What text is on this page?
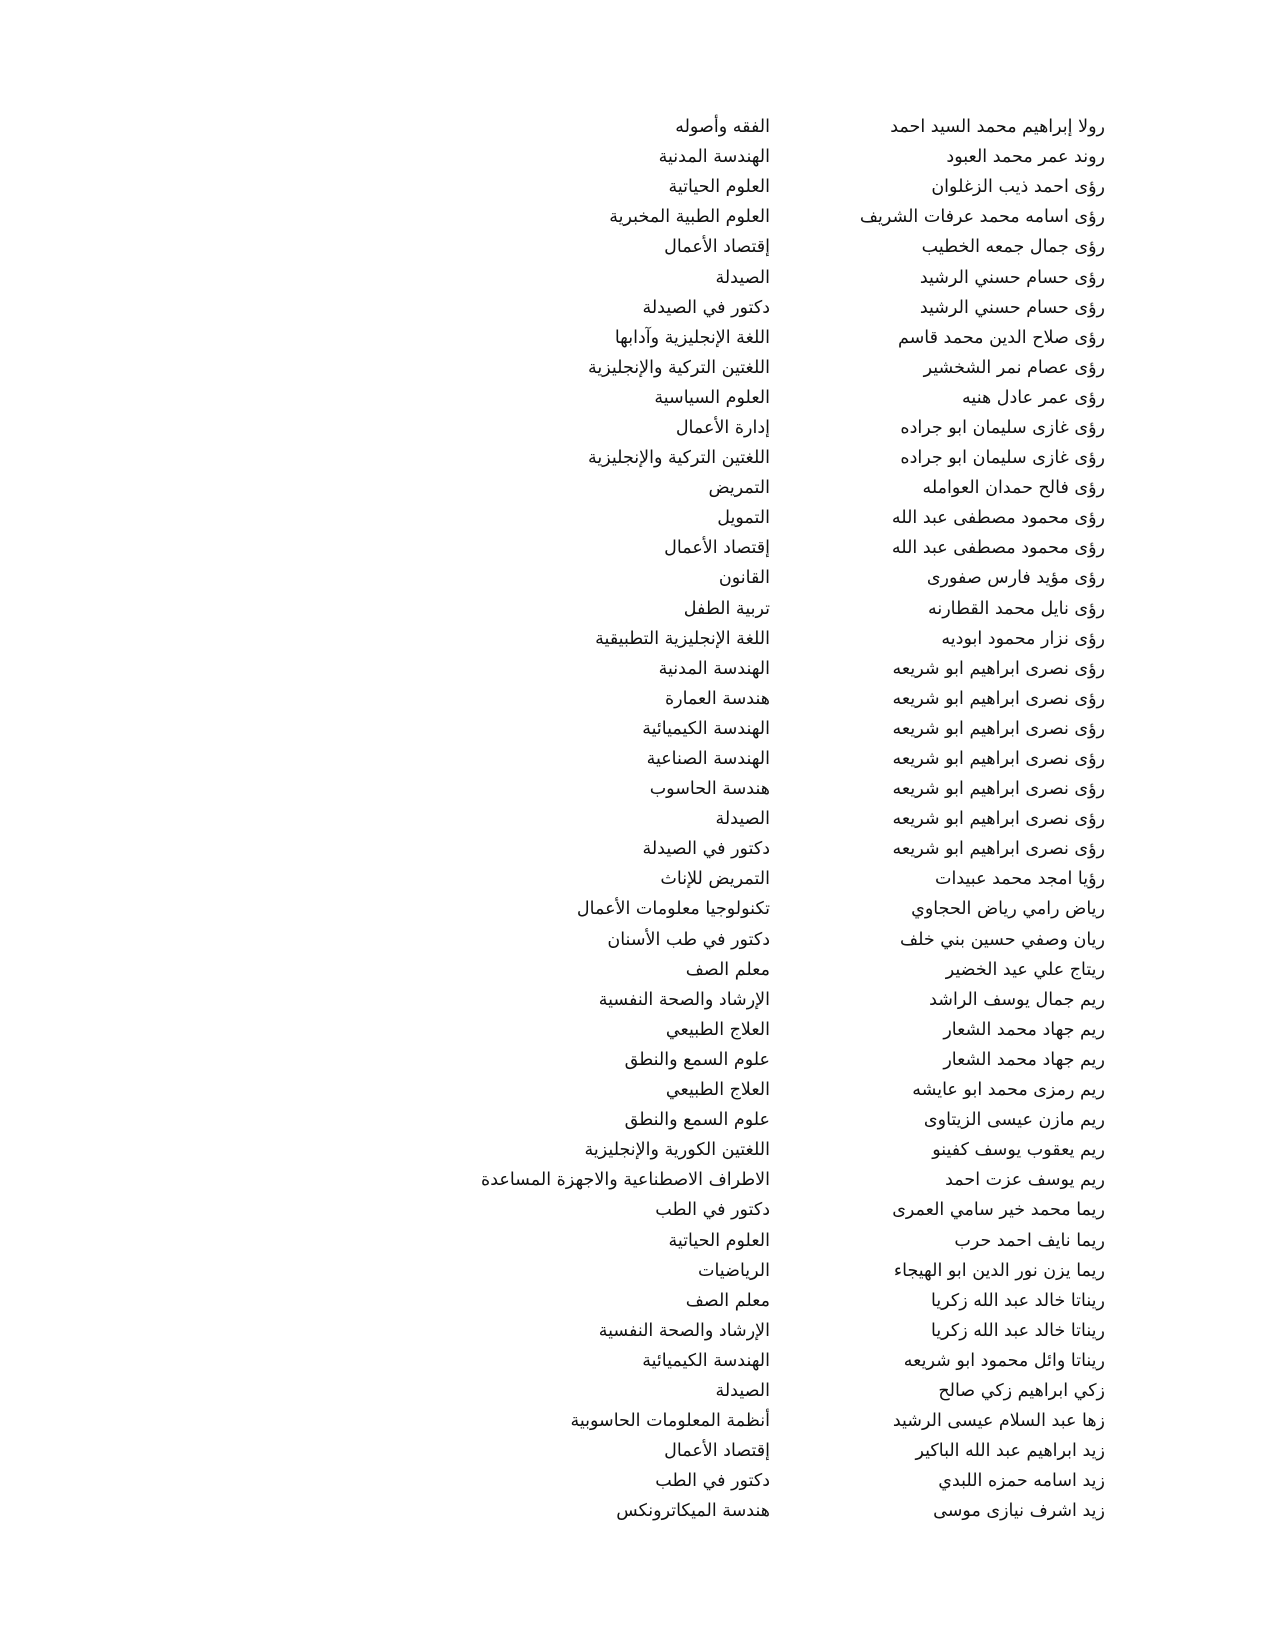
رولا إبراهيم محمد السيد احمد
الفقه وأصوله
روند عمر محمد العبود
الهندسة المدنية
رؤى احمد ذيب الزغلوان
العلوم الحياتية
رؤى اسامه محمد عرفات الشريف
العلوم الطبية المخبرية
رؤى جمال جمعه الخطيب
إقتصاد الأعمال
رؤى حسام حسني الرشيد
الصيدلة
رؤى حسام حسني الرشيد
دكتور في الصيدلة
رؤى صلاح الدين محمد قاسم
اللغة الإنجليزية وآدابها
رؤى عصام نمر الشخشير
اللغتين التركية والإنجليزية
رؤى عمر عادل هنيه
العلوم السياسية
رؤى غازى سليمان ابو جراده
إدارة الأعمال
رؤى غازى سليمان ابو جراده
اللغتين التركية والإنجليزية
رؤى فالح حمدان العوامله
التمريض
رؤى محمود مصطفى عبد الله
التمويل
رؤى محمود مصطفى عبد الله
إقتصاد الأعمال
رؤى مؤيد فارس صفورى
القانون
رؤى نايل محمد القطارنه
تربية الطفل
رؤى نزار محمود ابوديه
اللغة الإنجليزية التطبيقية
رؤى نصرى ابراهيم ابو شريعه
الهندسة المدنية
رؤى نصرى ابراهيم ابو شريعه
هندسة العمارة
رؤى نصرى ابراهيم ابو شريعه
الهندسة الكيميائية
رؤى نصرى ابراهيم ابو شريعه
الهندسة الصناعية
رؤى نصرى ابراهيم ابو شريعه
هندسة الحاسوب
رؤى نصرى ابراهيم ابو شريعه
الصيدلة
رؤى نصرى ابراهيم ابو شريعه
دكتور في الصيدلة
رؤيا امجد محمد عبيدات
التمريض للإناث
رياض رامي رياض الحجاوي
تكنولوجيا معلومات الأعمال
ريان وصفي حسين بني خلف
دكتور في طب الأسنان
ريتاج علي عيد الخضير
معلم الصف
ريم جمال يوسف الراشد
الإرشاد والصحة النفسية
ريم جهاد محمد الشعار
العلاج الطبيعي
ريم جهاد محمد الشعار
علوم السمع والنطق
ريم رمزى محمد ابو عايشه
العلاج الطبيعي
ريم مازن عيسى الزيتاوى
علوم السمع والنطق
ريم يعقوب يوسف كفينو
اللغتين الكورية والإنجليزية
ريم يوسف عزت احمد
الاطراف الاصطناعية والاجهزة المساعدة
ريما محمد خير سامي العمرى
دكتور في الطب
ريما نايف احمد حرب
العلوم الحياتية
ريما يزن نور الدين ابو الهيجاء
الرياضيات
ريناتا خالد عبد الله زكريا
معلم الصف
ريناتا خالد عبد الله زكريا
الإرشاد والصحة النفسية
ريناتا وائل محمود ابو شريعه
الهندسة الكيميائية
زكي ابراهيم زكي صالح
الصيدلة
زها عبد السلام عيسى الرشيد
أنظمة المعلومات الحاسوبية
زيد ابراهيم عبد الله الباكير
إقتصاد الأعمال
زيد اسامه حمزه اللبدي
دكتور في الطب
زيد اشرف نيازى موسى
هندسة الميكاترونكس
